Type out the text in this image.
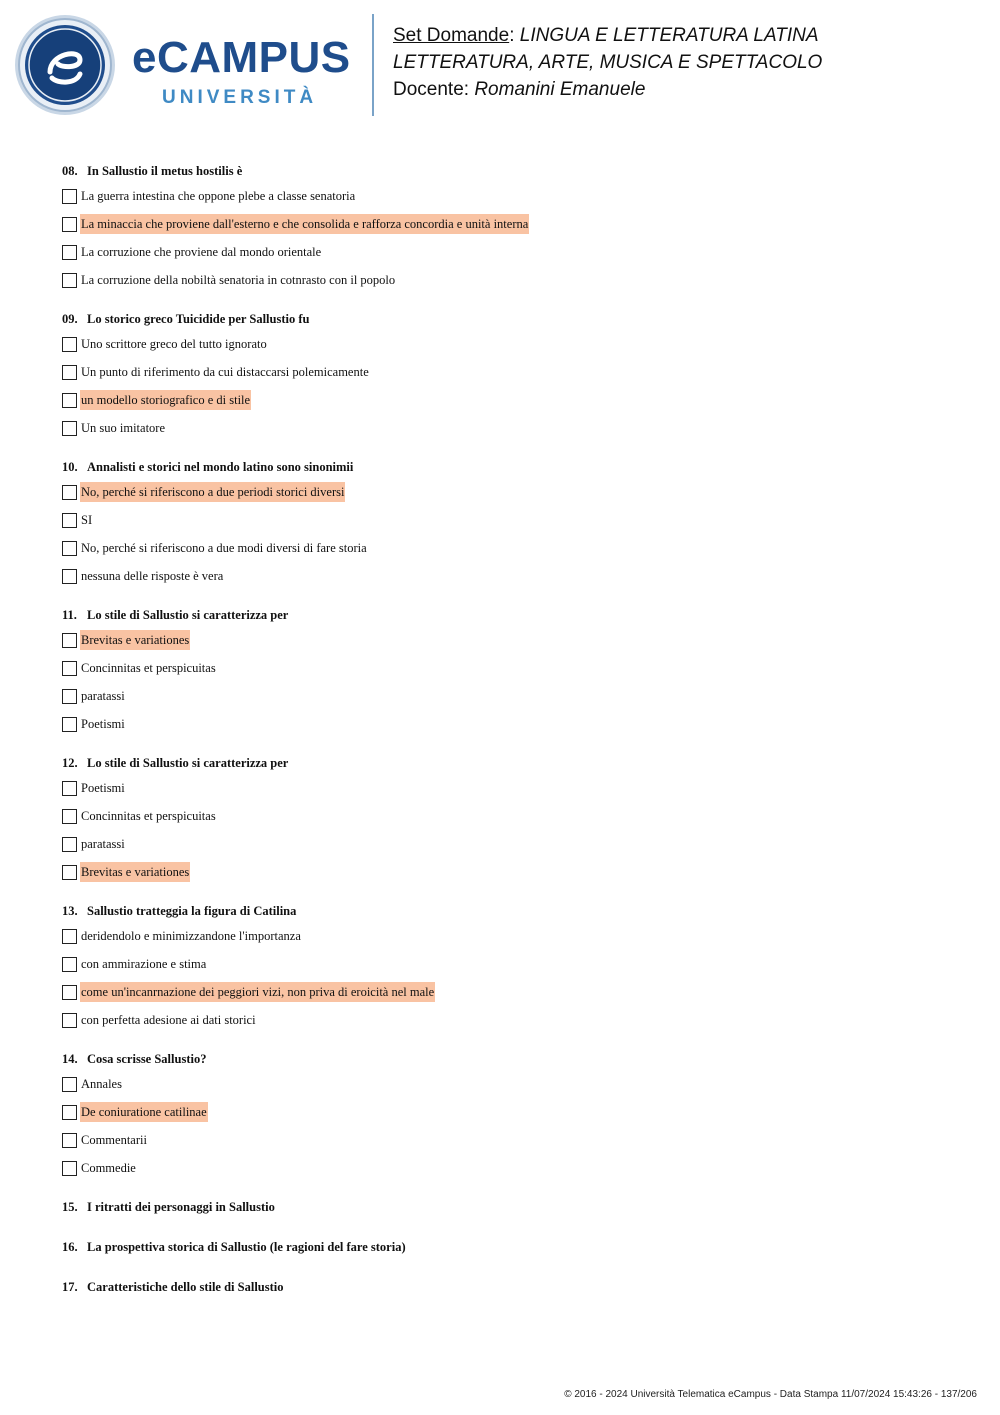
eCAMPUS
UNIVERSITÀ
Set Domande: LINGUA E LETTERATURA LATINA
LETTERATURA, ARTE, MUSICA E SPETTACOLO
Docente: Romanini Emanuele
08. In Sallustio il metus hostilis è
La guerra intestina che oppone plebe a classe senatoria
La minaccia che proviene dall'esterno e che consolida e rafforza concordia e unità interna
La corruzione che proviene dal mondo orientale
La corruzione della nobiltà senatoria in cotnrasto con il popolo
09. Lo storico greco Tuicidide per Sallustio fu
Uno scrittore greco del tutto ignorato
Un punto di riferimento da cui distaccarsi polemicamente
un modello storiografico e di stile
Un suo imitatore
10. Annalisti e storici nel mondo latino sono sinonimii
No, perché si riferiscono a due periodi storici diversi
SI
No, perché si riferiscono a due modi diversi di fare storia
nessuna delle risposte è vera
11. Lo stile di Sallustio si caratterizza per
Brevitas e variationes
Concinnitas et perspicuitas
paratassi
Poetismi
12. Lo stile di Sallustio si caratterizza per
Poetismi
Concinnitas et perspicuitas
paratassi
Brevitas e variationes
13. Sallustio tratteggia la figura di Catilina
deridendolo e minimizzandone l'importanza
con ammirazione e stima
come un'incanrnazione dei peggiori vizi, non priva di eroicità nel male
con perfetta adesione ai dati storici
14. Cosa scrisse Sallustio?
Annales
De coniuratione catilinae
Commentarii
Commedie
15. I ritratti dei personaggi in Sallustio
16. La prospettiva storica di Sallustio (le ragioni del fare storia)
17. Caratteristiche dello stile di Sallustio
© 2016 - 2024 Università Telematica eCampus - Data Stampa 11/07/2024 15:43:26 - 137/206
